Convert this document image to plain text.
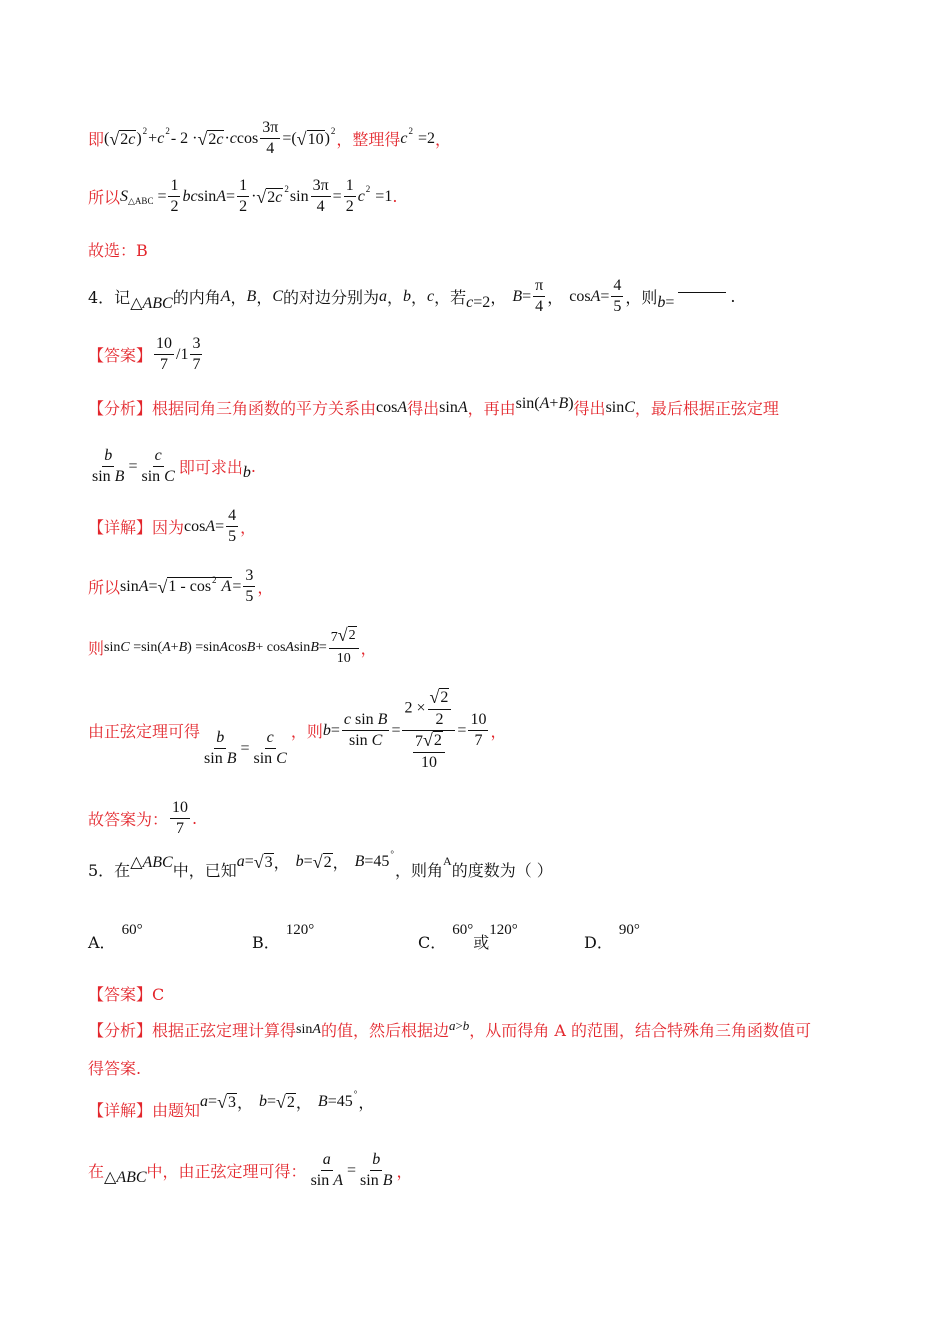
即 ( √ 2c ) 2 + c 2 - 2 · √ 2c · c $\cos \frac{3\pi}{4}$ =( √ 10 ) 2 ，整理得 c 2 =2 ，
所以 S △ABC = $\frac{1}{2}$ bc $\sin A = \frac{1}{2}$ · √ 2c 2 $\sin \frac{3\pi}{4} = \frac{1}{2}$ c 2 =1 .
故选：B
4．记 △ABC 的内角 A ， B ， C 的对边分别为 a ， b ， c ，若 c =2 ， $B = \frac{\pi}{4}$ ， $\cos A = \frac{4}{5}$ ，则 b =	.
【答案】 $\frac{10}{7} /1 \frac{3}{7}$
【分析】 根据同角三角函数的平方关系由 cos A 得出 sin A ，再由 sin( A + B ) 得出 sin C ，最后根据正弦定理
$\frac{b}{\text{sin B}} = \frac{c}{\text{sin C}}$ 即可求出 b .
【详解】 因为 $\cos A = \frac{4}{5}$ ，
所以 sin A = √ $1 - \cos^2 A = \frac{3}{5}$ ，
则 sin C =sin( A + B ) =sin A cos B + cos A $\sin B = \frac{7 √ 2}{10}$ ，
由正弦定理可得 $\frac{b}{\text{sin B}} = \frac{c}{\text{sin C}}$ ，则 $b = \frac{\text{c sin B}}{\text{sin C}} = \frac{2 \times \frac{√ 2}{2}}{\frac{7 √ 2}{10}} = \frac{10}{7}$ ，
故答案为： $\frac{10}{7}$ .
5．在 △ABC 中，已知 a = √ 3 ， b = √ 2 ， B =45 °
，则角 A 的度数为（ ）
A．60°
B．120°
C．60°或120°
D．90°
【答案】C
【分析】 根据正弦定理计算得 sin A 的值，然后根据边 a > b ，从而得角 A 的范围，结合特殊角三角函数值可
得答案.
【详解】 由题知 a = √ 3 ， b = √ 2 ， B =45 °
，
在 △ABC 中，由正弦定理可得： $\frac{a}{\text{sin A}} = \frac{b}{\text{sin B}}$ ，
